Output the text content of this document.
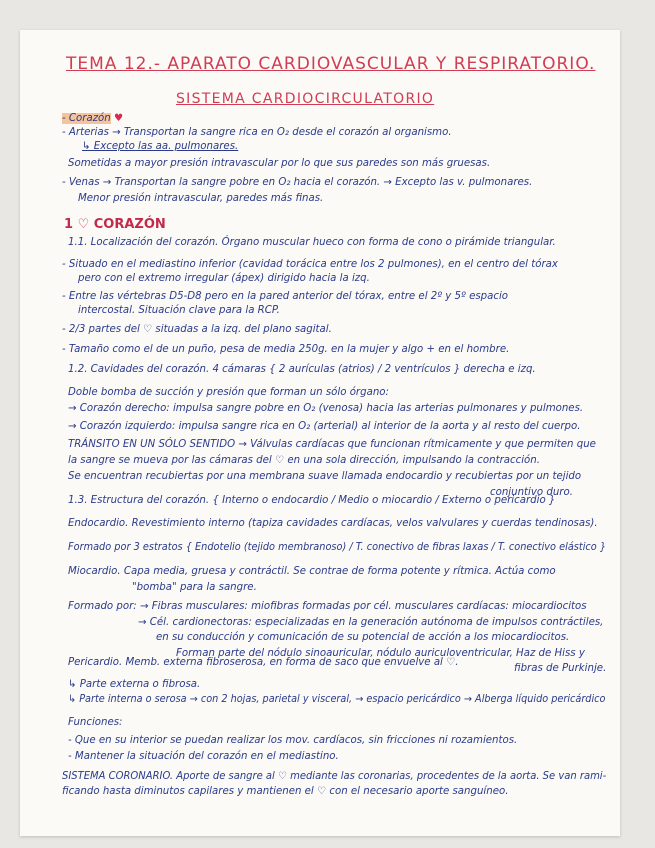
TEMA 12.- APARATO CARDIOVASCULAR Y RESPIRATORIO.
SISTEMA CARDIOCIRCULATORIO
- Corazón ♥
- Arterias → Transportan la sangre rica en O₂ desde el corazón al organismo.
↳ Excepto las aa. pulmonares.
Sometidas a mayor presión intravascular por lo que sus paredes son más gruesas.
- Venas → Transportan la sangre pobre en O₂ hacia el corazón. → Excepto las v. pulmonares.
Menor presión intravascular, paredes más finas.
1 ♡ CORAZÓN
1.1. Localización del corazón. Órgano muscular hueco con forma de cono o pirámide triangular.
- Situado en el mediastino inferior (cavidad torácica entre los 2 pulmones), en el centro del tórax
pero con el extremo irregular (ápex) dirigido hacia la izq.
- Entre las vértebras D5-D8 pero en la pared anterior del tórax, entre el 2º y 5º espacio
intercostal. Situación clave para la RCP.
- 2/3 partes del ♡ situadas a la izq. del plano sagital.
- Tamaño como el de un puño, pesa de media 250g. en la mujer y algo + en el hombre.
1.2. Cavidades del corazón. 4 cámaras { 2 aurículas (atrios) / 2 ventrículos } derecha e izq.
Doble bomba de succión y presión que forman un sólo órgano:
→ Corazón derecho: impulsa sangre pobre en O₂ (venosa) hacia las arterias pulmonares y pulmones.
→ Corazón izquierdo: impulsa sangre rica en O₂ (arterial) al interior de la aorta y al resto del cuerpo.
TRÁNSITO EN UN SÓLO SENTIDO → Válvulas cardíacas que funcionan rítmicamente y que permiten que
la sangre se mueva por las cámaras del ♡ en una sola dirección, impulsando la contracción.
Se encuentran recubiertas por una membrana suave llamada endocardio y recubiertas por un tejido
conjuntivo duro.
1.3. Estructura del corazón. { Interno o endocardio / Medio o miocardio / Externo o pericardio }
Endocardio. Revestimiento interno (tapiza cavidades cardíacas, velos valvulares y cuerdas tendinosas).
Formado por 3 estratos { Endotelio (tejido membranoso) / T. conectivo de fibras laxas / T. conectivo elástico }
Miocardio. Capa media, gruesa y contráctil. Se contrae de forma potente y rítmica. Actúa como
"bomba" para la sangre.
Formado por: → Fibras musculares: miofibras formadas por cél. musculares cardíacas: miocardiocitos
→ Cél. cardionectoras: especializadas en la generación autónoma de impulsos contráctiles,
en su conducción y comunicación de su potencial de acción a los miocardiocitos.
Forman parte del nódulo sinoauricular, nódulo auriculoventricular, Haz de Hiss y
fibras de Purkinje.
Pericardio. Memb. externa fibroserosa, en forma de saco que envuelve al ♡.
↳ Parte externa o fibrosa.
↳ Parte interna o serosa → con 2 hojas, parietal y visceral, → espacio pericárdico → Alberga líquido pericárdico
Funciones:
- Que en su interior se puedan realizar los mov. cardíacos, sin fricciones ni rozamientos.
- Mantener la situación del corazón en el mediastino.
SISTEMA CORONARIO. Aporte de sangre al ♡ mediante las coronarias, procedentes de la aorta. Se van rami-
ficando hasta diminutos capilares y mantienen el ♡ con el necesario aporte sanguíneo.
